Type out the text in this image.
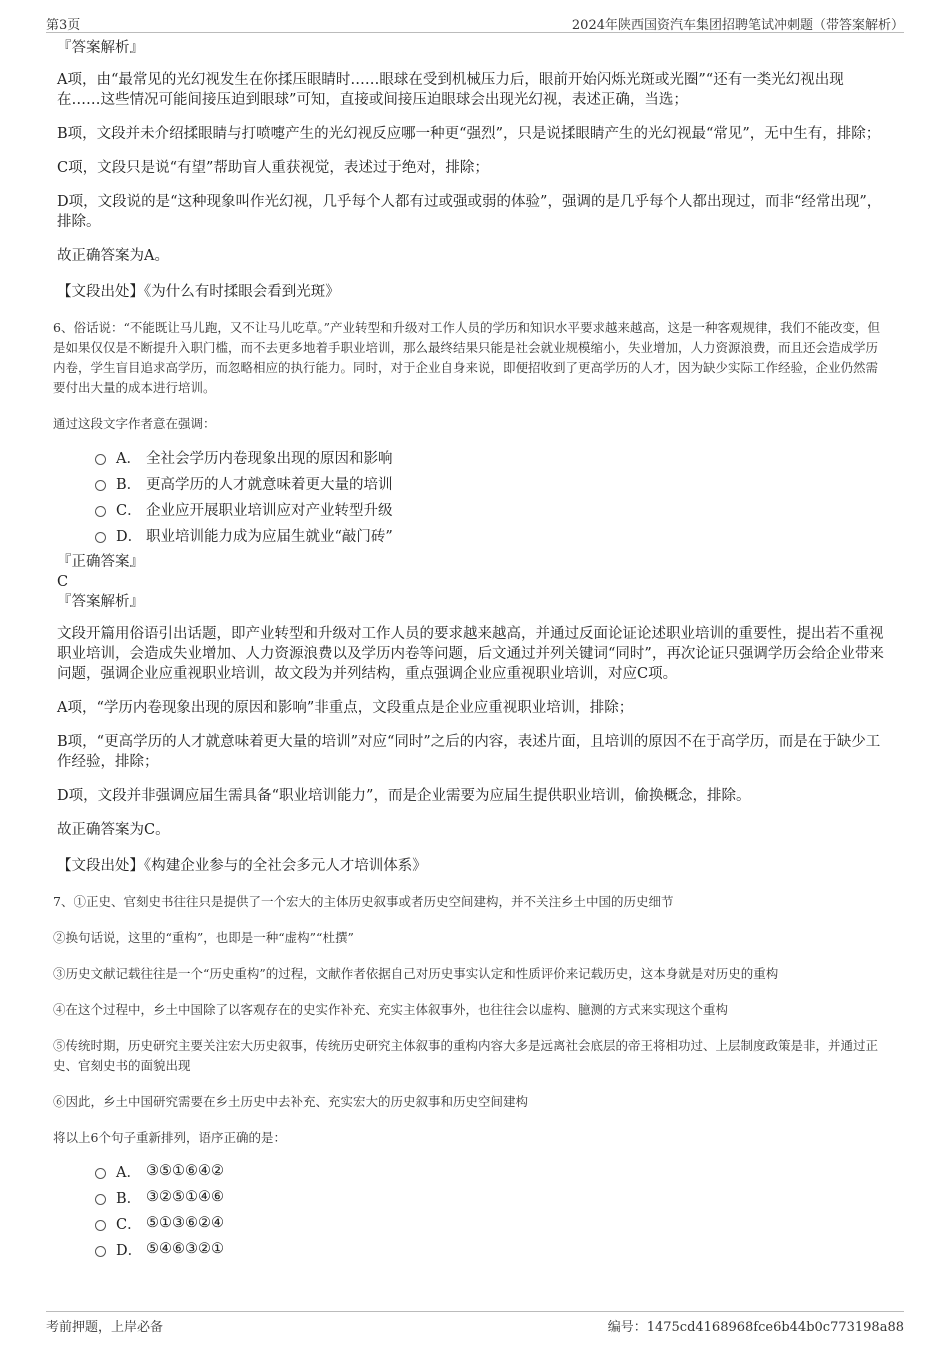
第3页	2024年陕西国资汽车集团招聘笔试冲刺题（带答案解析）

『答案解析』

A项，由“最常见的光幻视发生在你揉压眼睛时……眼球在受到机械压力后，眼前开始闪烁光斑或光圈”“还有一类光幻视出现在……这些情况可能间接压迫到眼球”可知，直接或间接压迫眼球会出现光幻视，表述正确，当选；

B项，文段并未介绍揉眼睛与打喷嚏产生的光幻视反应哪一种更“强烈”，只是说揉眼睛产生的光幻视最“常见”，无中生有，排除；

C项，文段只是说“有望”帮助盲人重获视觉，表述过于绝对，排除；

D项，文段说的是“这种现象叫作光幻视，几乎每个人都有过或强或弱的体验”，强调的是几乎每个人都出现过，而非“经常出现”，排除。

故正确答案为A。

【文段出处】《为什么有时揉眼会看到光斑》

6、俗话说：“不能既让马儿跑，又不让马儿吃草。”产业转型和升级对工作人员的学历和知识水平要求越来越高，这是一种客观规律，我们不能改变，但是如果仅仅是不断提升入职门槛，而不去更多地着手职业培训，那么最终结果只能是社会就业规模缩小，失业增加，人力资源浪费，而且还会造成学历内卷，学生盲目追求高学历，而忽略相应的执行能力。同时，对于企业自身来说，即便招收到了更高学历的人才，因为缺少实际工作经验，企业仍然需要付出大量的成本进行培训。

通过这段文字作者意在强调：

A． 全社会学历内卷现象出现的原因和影响
B． 更高学历的人才就意味着更大量的培训
C． 企业应开展职业培训应对产业转型升级
D． 职业培训能力成为应届生就业“敲门砖”

『正确答案』

C

『答案解析』

文段开篇用俗语引出话题，即产业转型和升级对工作人员的要求越来越高，并通过反面论证论述职业培训的重要性，提出若不重视职业培训，会造成失业增加、人力资源浪费以及学历内卷等问题，后文通过并列关键词“同时”，再次论证只强调学历会给企业带来问题，强调企业应重视职业培训，故文段为并列结构，重点强调企业应重视职业培训，对应C项。

A项，“学历内卷现象出现的原因和影响”非重点，文段重点是企业应重视职业培训，排除；

B项，“更高学历的人才就意味着更大量的培训”对应“同时”之后的内容，表述片面，且培训的原因不在于高学历，而是在于缺少工作经验，排除；

D项，文段并非强调应届生需具备“职业培训能力”，而是企业需要为应届生提供职业培训，偷换概念，排除。

故正确答案为C。

【文段出处】《构建企业参与的全社会多元人才培训体系》

7、①正史、官刻史书往往只是提供了一个宏大的主体历史叙事或者历史空间建构，并不关注乡土中国的历史细节

②换句话说，这里的“重构”，也即是一种“虚构”“杜撰”

③历史文献记载往往是一个“历史重构”的过程，文献作者依据自己对历史事实认定和性质评价来记载历史，这本身就是对历史的重构

④在这个过程中，乡土中国除了以客观存在的史实作补充、充实主体叙事外，也往往会以虚构、臆测的方式来实现这个重构

⑤传统时期，历史研究主要关注宏大历史叙事，传统历史研究主体叙事的重构内容大多是远离社会底层的帝王将相功过、上层制度政策是非，并通过正史、官刻史书的面貌出现

⑥因此，乡土中国研究需要在乡土历史中去补充、充实宏大的历史叙事和历史空间建构

将以上6个句子重新排列，语序正确的是：

A． ③⑤①⑥④②
B． ③②⑤①④⑥
C． ⑤①③⑥②④
D． ⑤④⑥③②①
考前押题，上岸必备	编号：1475cd4168968fce6b44b0c773198a88
